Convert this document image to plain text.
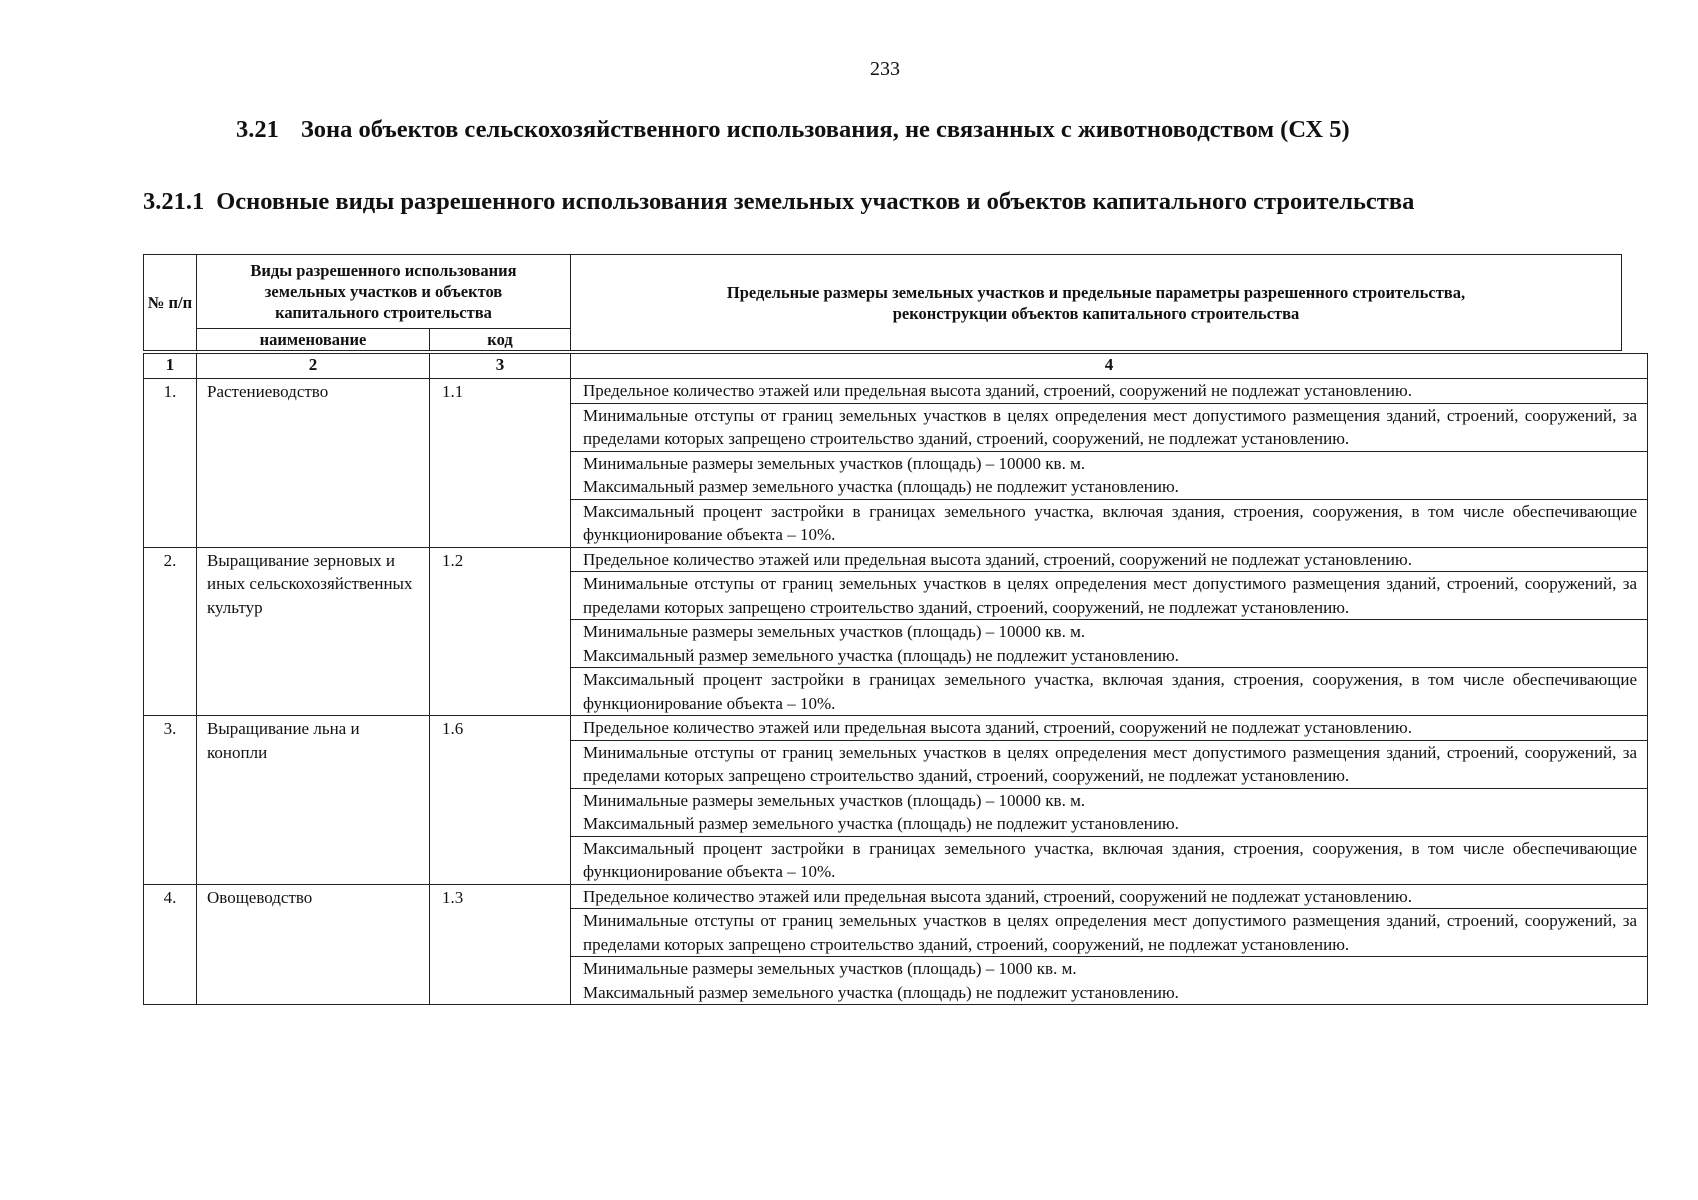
233
3.21 Зона объектов сельскохозяйственного использования, не связанных с животноводством (СХ 5)
3.21.1 Основные виды разрешенного использования земельных участков и объектов капитального строительства
№ п/п	Виды разрешенного использования
земельных участков и объектов
капитального строительства		Предельные размеры земельных участков и предельные параметры разрешенного строительства,
реконструкции объектов капитального строительства

	наименование	код	
1	2	3	4
1.	Растениеводство	1.1	Предельное количество этажей или предельная высота зданий, строений, сооружений не подлежат установлению.
Минимальные отступы от границ земельных участков в целях определения мест допустимого размещения зданий, строений, сооружений, за пределами которых запрещено строительство зданий, строений, сооружений, не подлежат установлению.
Минимальные размеры земельных участков (площадь) – 10000 кв. м.
Максимальный размер земельного участка (площадь) не подлежит установлению.
Максимальный процент застройки в границах земельного участка, включая здания, строения, сооружения, в том числе обеспечивающие функционирование объекта – 10%.

2.	Выращивание зерновых и иных сельскохозяйственных культур	1.2	Предельное количество этажей или предельная высота зданий, строений, сооружений не подлежат установлению.
Минимальные отступы от границ земельных участков в целях определения мест допустимого размещения зданий, строений, сооружений, за пределами которых запрещено строительство зданий, строений, сооружений, не подлежат установлению.
Минимальные размеры земельных участков (площадь) – 10000 кв. м.
Максимальный размер земельного участка (площадь) не подлежит установлению.
Максимальный процент застройки в границах земельного участка, включая здания, строения, сооружения, в том числе обеспечивающие функционирование объекта – 10%.

3.	Выращивание льна и конопли	1.6	Предельное количество этажей или предельная высота зданий, строений, сооружений не подлежат установлению.
Минимальные отступы от границ земельных участков в целях определения мест допустимого размещения зданий, строений, сооружений, за пределами которых запрещено строительство зданий, строений, сооружений, не подлежат установлению.
Минимальные размеры земельных участков (площадь) – 10000 кв. м.
Максимальный размер земельного участка (площадь) не подлежит установлению.
Максимальный процент застройки в границах земельного участка, включая здания, строения, сооружения, в том числе обеспечивающие функционирование объекта – 10%.

4.	Овощеводство	1.3	Предельное количество этажей или предельная высота зданий, строений, сооружений не подлежат установлению.
Минимальные отступы от границ земельных участков в целях определения мест допустимого размещения зданий, строений, сооружений, за пределами которых запрещено строительство зданий, строений, сооружений, не подлежат установлению.
Минимальные размеры земельных участков (площадь) – 1000 кв. м.
Максимальный размер земельного участка (площадь) не подлежит установлению.
